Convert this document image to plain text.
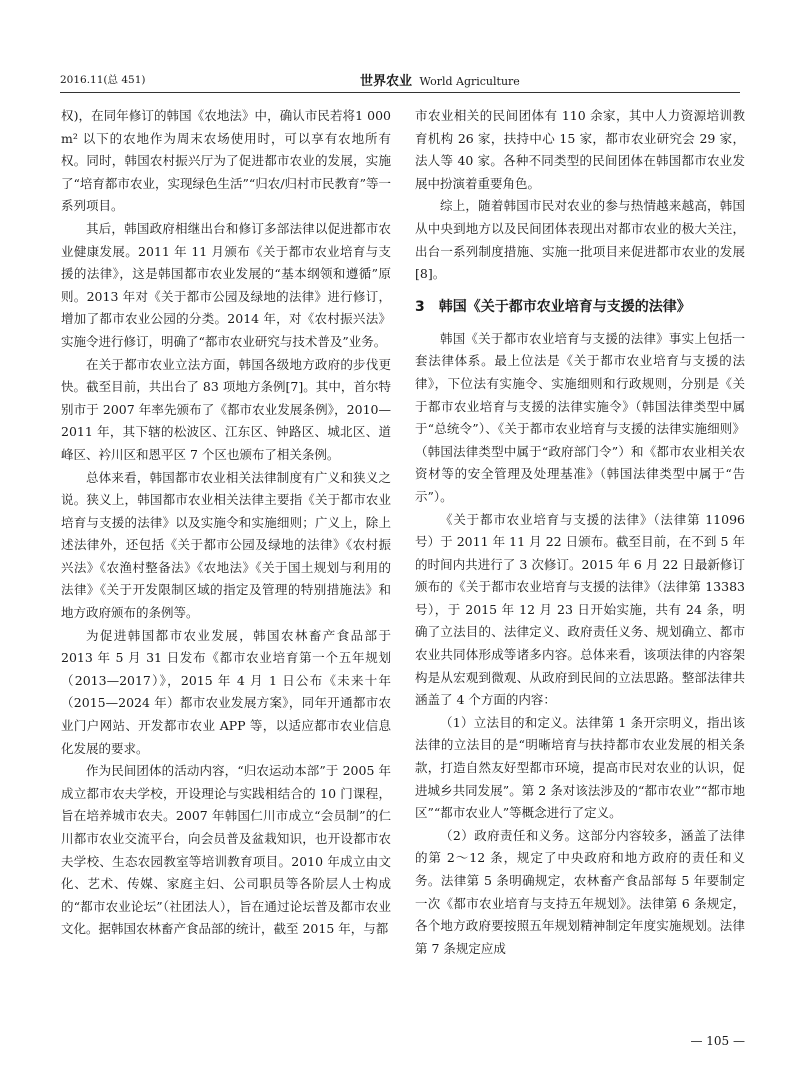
2016.11(总 451)	世界农业 World Agriculture

权)，在同年修订的韩国《农地法》中，确认市民若将1 000 m² 以下的农地作为周末农场使用时，可以享有农地所有权。同时，韩国农村振兴厅为了促进都市农业的发展，实施了“培育都市农业，实现绿色生活”“归农/归村市民教育”等一系列项目。

其后，韩国政府相继出台和修订多部法律以促进都市农业健康发展。2011 年 11 月颁布《关于都市农业培育与支援的法律》，这是韩国都市农业发展的“基本纲领和遵循”原则。2013 年对《关于都市公园及绿地的法律》进行修订，增加了都市农业公园的分类。2014 年，对《农村振兴法》实施令进行修订，明确了“都市农业研究与技术普及”业务。

在关于都市农业立法方面，韩国各级地方政府的步伐更快。截至目前，共出台了 83 项地方条例[7]。其中，首尔特别市于 2007 年率先颁布了《都市农业发展条例》，2010—2011 年，其下辖的松波区、江东区、钟路区、城北区、道峰区、衿川区和恩平区 7 个区也颁布了相关条例。

总体来看，韩国都市农业相关法律制度有广义和狭义之说。狭义上，韩国都市农业相关法律主要指《关于都市农业培育与支援的法律》以及实施令和实施细则；广义上，除上述法律外，还包括《关于都市公园及绿地的法律》《农村振兴法》《农渔村整备法》《农地法》《关于国土规划与利用的法律》《关于开发限制区域的指定及管理的特别措施法》和地方政府颁布的条例等。

为促进韩国都市农业发展，韩国农林畜产食品部于 2013 年 5 月 31 日发布《都市农业培育第一个五年规划（2013—2017）》，2015 年 4 月 1 日公布《未来十年（2015—2024 年）都市农业发展方案》，同年开通都市农业门户网站、开发都市农业 APP 等，以适应都市农业信息化发展的要求。

作为民间团体的活动内容，“归农运动本部”于 2005 年成立都市农夫学校，开设理论与实践相结合的 10 门课程，旨在培养城市农夫。2007 年韩国仁川市成立“会员制”的仁川都市农业交流平台，向会员普及盆栽知识，也开设都市农夫学校、生态农园教室等培训教育项目。2010 年成立由文化、艺术、传媒、家庭主妇、公司职员等各阶层人士构成的“都市农业论坛”（社团法人），旨在通过论坛普及都市农业文化。据韩国农林畜产食品部的统计，截至 2015 年，与都

市农业相关的民间团体有 110 余家，其中人力资源培训教育机构 26 家，扶持中心 15 家，都市农业研究会 29 家，法人等 40 家。各种不同类型的民间团体在韩国都市农业发展中扮演着重要角色。

综上，随着韩国市民对农业的参与热情越来越高，韩国从中央到地方以及民间团体表现出对都市农业的极大关注，出台一系列制度措施、实施一批项目来促进都市农业的发展[8]。

3　韩国《关于都市农业培育与支援的法律》

韩国《关于都市农业培育与支援的法律》事实上包括一套法律体系。最上位法是《关于都市农业培育与支援的法律》，下位法有实施令、实施细则和行政规则，分别是《关于都市农业培育与支援的法律实施令》（韩国法律类型中属于“总统令”）、《关于都市农业培育与支援的法律实施细则》（韩国法律类型中属于“政府部门令”）和《都市农业相关农资材等的安全管理及处理基准》（韩国法律类型中属于“告示”）。

《关于都市农业培育与支援的法律》（法律第 11096 号）于 2011 年 11 月 22 日颁布。截至目前，在不到 5 年的时间内共进行了 3 次修订。2015 年 6 月 22 日最新修订颁布的《关于都市农业培育与支援的法律》（法律第 13383 号），于 2015 年 12 月 23 日开始实施，共有 24 条，明确了立法目的、法律定义、政府责任义务、规划确立、都市农业共同体形成等诸多内容。总体来看，该项法律的内容架构是从宏观到微观、从政府到民间的立法思路。整部法律共涵盖了 4 个方面的内容：

（1）立法目的和定义。法律第 1 条开宗明义，指出该法律的立法目的是“明晰培育与扶持都市农业发展的相关条款，打造自然友好型都市环境，提高市民对农业的认识，促进城乡共同发展”。第 2 条对该法涉及的“都市农业”“都市地区”“都市农业人”等概念进行了定义。

（2）政府责任和义务。这部分内容较多，涵盖了法律的第 2～12 条，规定了中央政府和地方政府的责任和义务。法律第 5 条明确规定，农林畜产食品部每 5 年要制定一次《都市农业培育与支持五年规划》。法律第 6 条规定，各个地方政府要按照五年规划精神制定年度实施规划。法律第 7 条规定应成

— 105 —
